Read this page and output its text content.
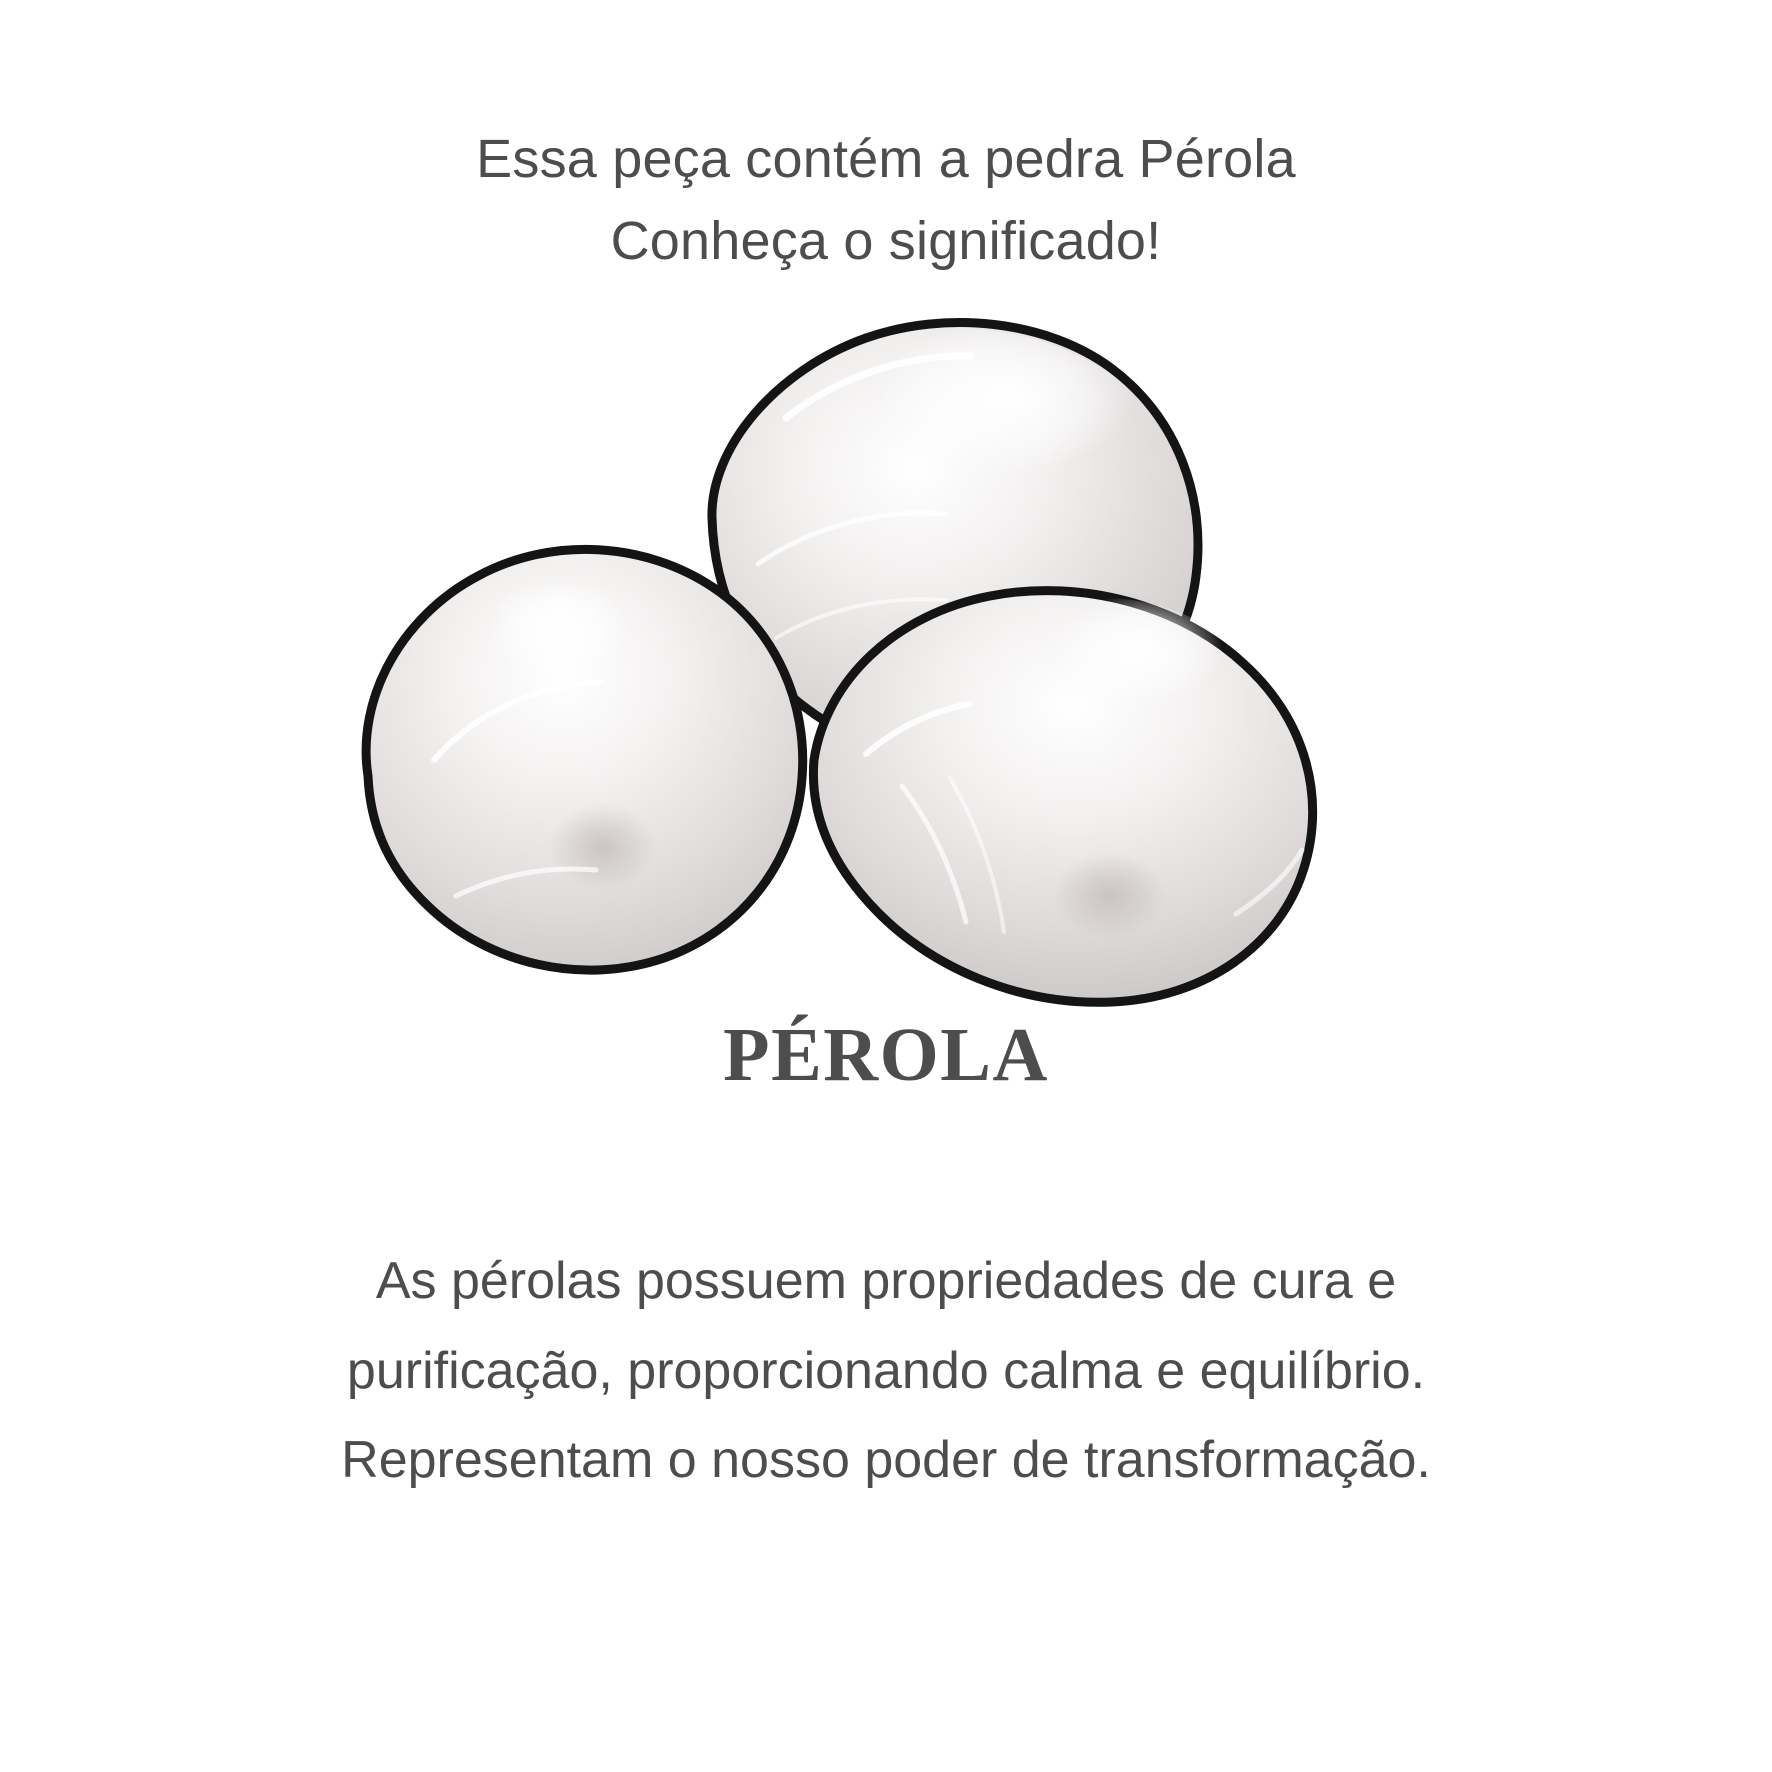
Essa peça contém a pedra Pérola
Conheça o significado!
PÉROLA
As pérolas possuem propriedades de cura e
purificação, proporcionando calma e equilíbrio.
Representam o nosso poder de transformação.
